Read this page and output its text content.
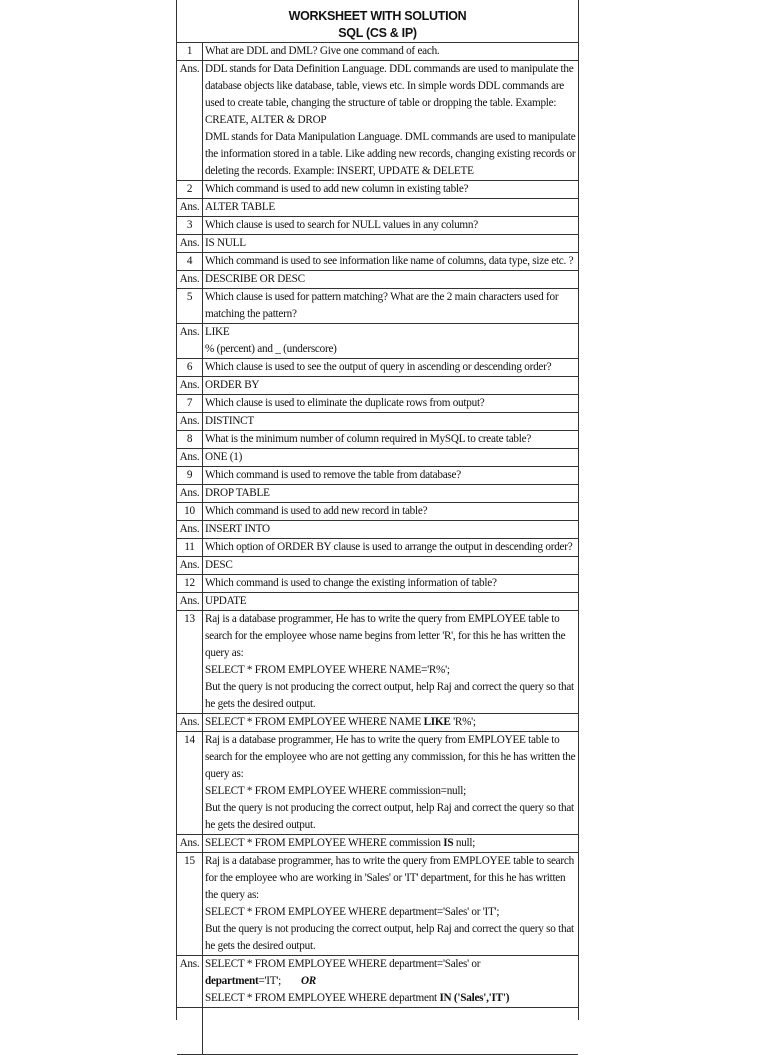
WORKSHEET WITH SOLUTION
SQL (CS & IP)
1	What are DDL and DML? Give one command of each.
Ans. DDL stands for Data Definition Language. DDL commands are used to manipulate the database objects like database, table, views etc. In simple words DDL commands are used to create table, changing the structure of table or dropping the table. Example: CREATE, ALTER & DROP

DML stands for Data Manipulation Language. DML commands are used to manipulate the information stored in a table. Like adding new records, changing existing records or deleting the records. Example: INSERT, UPDATE & DELETE

2	Which command is used to add new column in existing table?
Ans. ALTER TABLE
3	Which clause is used to search for NULL values in any column?
Ans. IS NULL
4	Which command is used to see information like name of columns, data type, size etc. ?
Ans. DESCRIBE OR DESC
5	Which clause is used for pattern matching? What are the 2 main characters used for matching the pattern?
Ans. LIKE

% (percent) and _ (underscore)

6	Which clause is used to see the output of query in ascending or descending order?
Ans. ORDER BY
7	Which clause is used to eliminate the duplicate rows from output?
Ans. DISTINCT
8	What is the minimum number of column required in MySQL to create table?
Ans. ONE (1)
9	Which command is used to remove the table from database?
Ans. DROP TABLE
10 Which command is used to add new record in table?
Ans. INSERT INTO
11 Which option of ORDER BY clause is used to arrange the output in descending order?
Ans. DESC
12 Which command is used to change the existing information of table?
Ans. UPDATE
13 Raj is a database programmer, He has to write the query from EMPLOYEE table to search for the employee whose name begins from letter 'R', for this he has written the query as:

SELECT * FROM EMPLOYEE WHERE NAME='R%';

But the query is not producing the correct output, help Raj and correct the query so that he gets the desired output.

Ans. SELECT * FROM EMPLOYEE WHERE NAME LIKE 'R%';
14 Raj is a database programmer, He has to write the query from EMPLOYEE table to search for the employee who are not getting any commission, for this he has written the query as:

SELECT * FROM EMPLOYEE WHERE commission=null;

But the query is not producing the correct output, help Raj and correct the query so that he gets the desired output.

Ans. SELECT * FROM EMPLOYEE WHERE commission IS null;
15 Raj is a database programmer, has to write the query from EMPLOYEE table to search for the employee who are working in 'Sales' or 'IT' department, for this he has written the query as:

SELECT * FROM EMPLOYEE WHERE department='Sales' or 'IT';

But the query is not producing the correct output, help Raj and correct the query so that he gets the desired output.

Ans. SELECT * FROM EMPLOYEE WHERE department='Sales' or department='IT'; OR

SELECT * FROM EMPLOYEE WHERE department IN ('Sales','IT')
